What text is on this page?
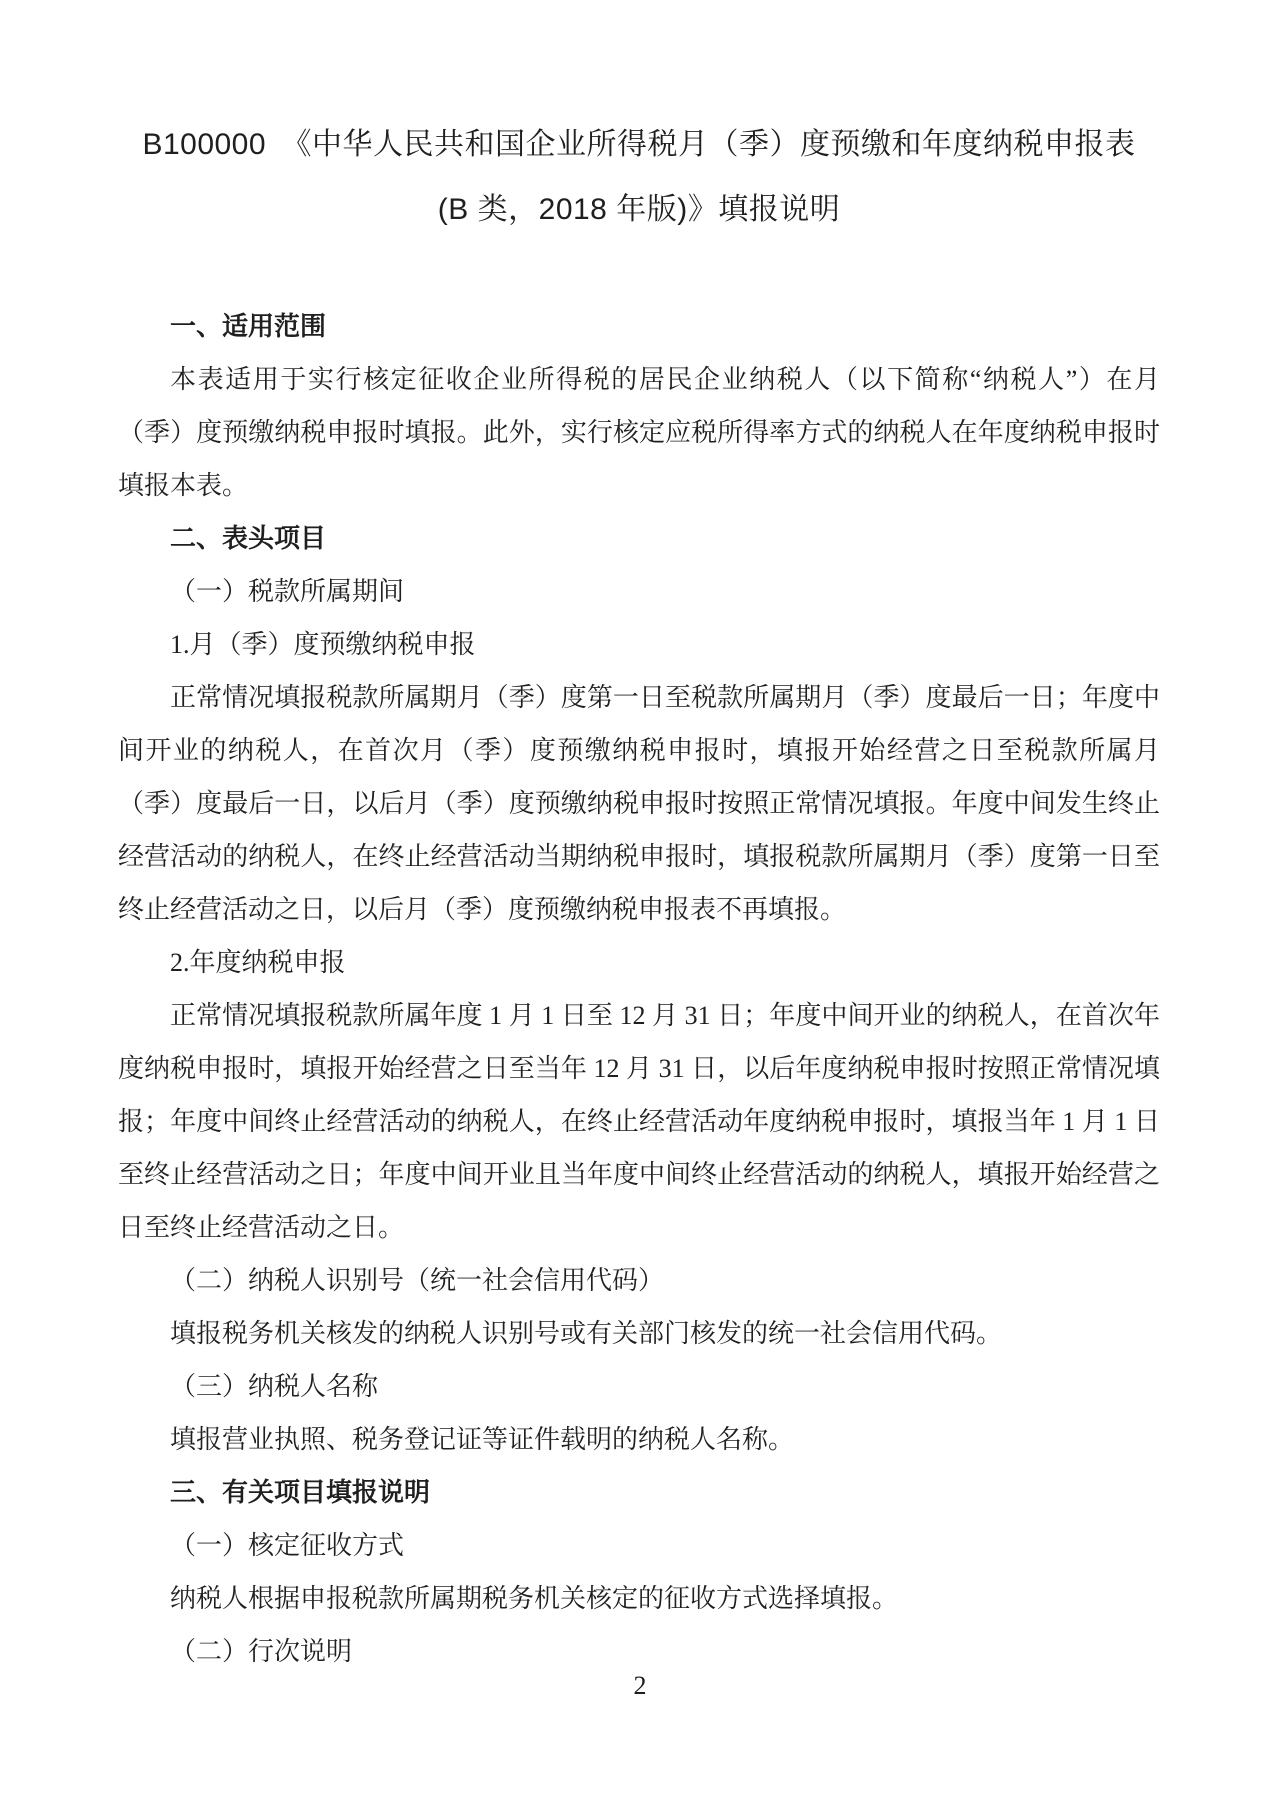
B100000　《中华人民共和国企业所得税月（季）度预缴和年度纳税申报表
(B 类，2018 年版)》填报说明

一、适用范围

本表适用于实行核定征收企业所得税的居民企业纳税人（以下简称“纳税人”）在月（季）度预缴纳税申报时填报。此外，实行核定应税所得率方式的纳税人在年度纳税申报时填报本表。

二、表头项目

（一）税款所属期间

1.月（季）度预缴纳税申报

正常情况填报税款所属期月（季）度第一日至税款所属期月（季）度最后一日；年度中间开业的纳税人，在首次月（季）度预缴纳税申报时，填报开始经营之日至税款所属月（季）度最后一日，以后月（季）度预缴纳税申报时按照正常情况填报。年度中间发生终止经营活动的纳税人，在终止经营活动当期纳税申报时，填报税款所属期月（季）度第一日至终止经营活动之日，以后月（季）度预缴纳税申报表不再填报。

2.年度纳税申报

正常情况填报税款所属年度 1 月 1 日至 12 月 31 日；年度中间开业的纳税人，在首次年度纳税申报时，填报开始经营之日至当年 12 月 31 日，以后年度纳税申报时按照正常情况填报；年度中间终止经营活动的纳税人，在终止经营活动年度纳税申报时，填报当年 1 月 1 日至终止经营活动之日；年度中间开业且当年度中间终止经营活动的纳税人，填报开始经营之日至终止经营活动之日。

（二）纳税人识别号（统一社会信用代码）

填报税务机关核发的纳税人识别号或有关部门核发的统一社会信用代码。

（三）纳税人名称

填报营业执照、税务登记证等证件载明的纳税人名称。

三、有关项目填报说明

（一）核定征收方式

纳税人根据申报税款所属期税务机关核定的征收方式选择填报。

（二）行次说明

2
